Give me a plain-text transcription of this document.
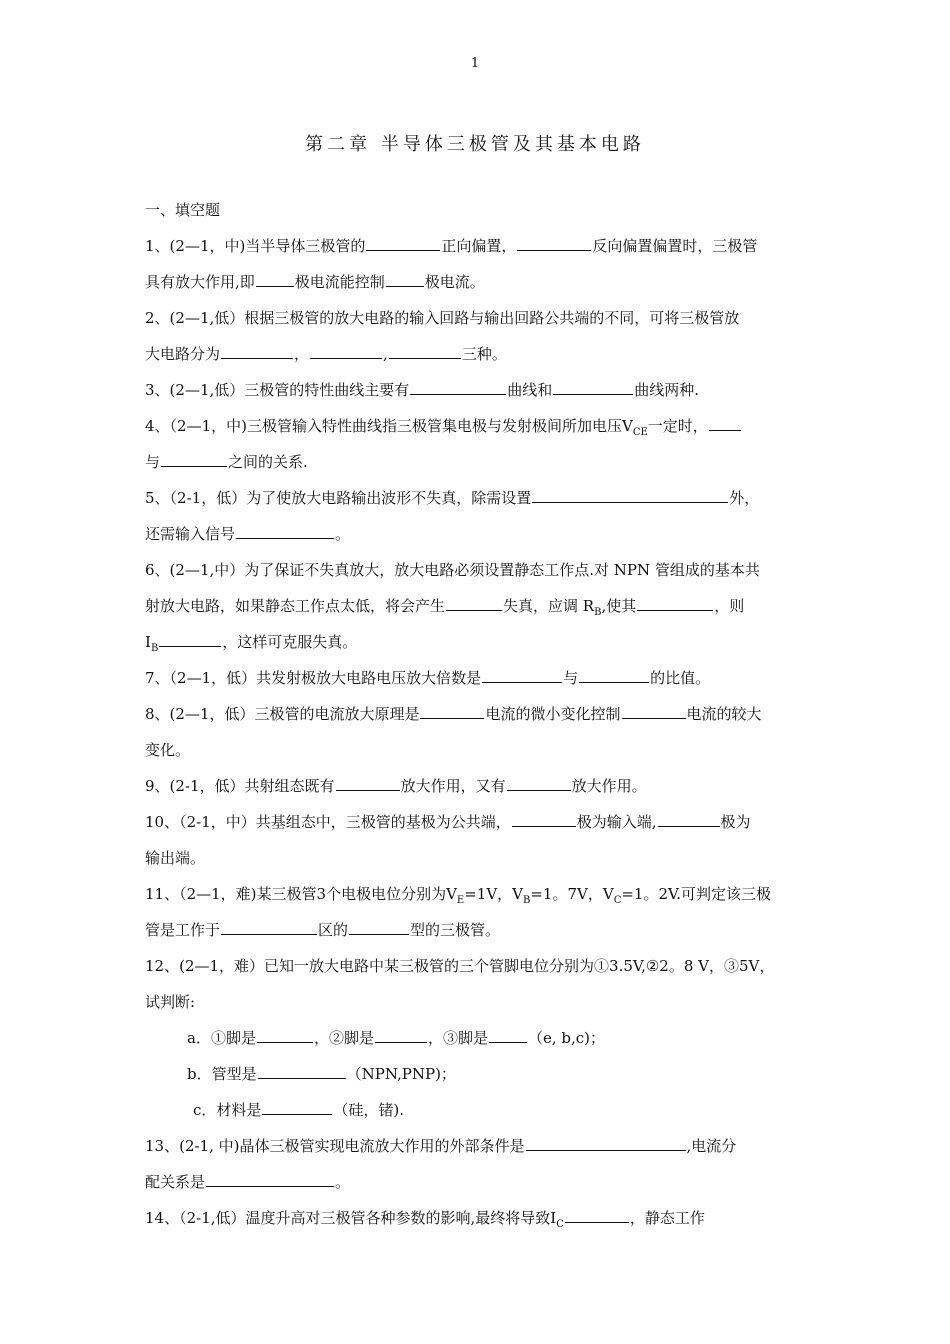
1
第二章 半导体三极管及其基本电路
一、填空题
1、(2—1，中)当半导体三极管的	正向偏置，	反向偏置偏置时，三极管
具有放大作用,即	极电流能控制	极电流。
2、(2—1,低）根据三极管的放大电路的输入回路与输出回路公共端的不同，可将三极管放
大电路分为	，	,	三种。
3、(2—1,低）三极管的特性曲线主要有	曲线和	曲线两种.
4、（2—1，中)三极管输入特性曲线指三极管集电极与发射极间所加电压$V_{CE}$一定时，
与	之间的关系.
5、（2-1，低）为了使放大电路输出波形不失真，除需设置	外，
还需输入信号	。
6、(2—1,中）为了保证不失真放大，放大电路必须设置静态工作点.对 NPN 管组成的基本共
射放大电路，如果静态工作点太低，将会产生	失真，应调 $R_B$,使其	，则
$I_B$	，这样可克服失真。
7、（2—1，低）共发射极放大电路电压放大倍数是	与	的比值。
8、(2—1，低）三极管的电流放大原理是	电流的微小变化控制	电流的较大
变化。
9、(2-1，低）共射组态既有	放大作用，又有	放大作用。
10、（2-1，中）共基组态中，三极管的基极为公共端，	极为输入端,	极为
输出端。
11、（2—1，难)某三极管3个电极电位分别为$V_E=1V$，$V_B=1$。7V，$V_C=1$。2V.可判定该三极
管是工作于	区的	型的三极管。
12、(2—1，难）已知一放大电路中某三极管的三个管脚电位分别为①3.5V,②2。8 V，③5V，
试判断:
a．①脚是	，②脚是	，③脚是	（e, b,c)；
b．管型是	（NPN,PNP)；
c．材料是	（硅，锗).
13、(2-1, 中)晶体三极管实现电流放大作用的外部条件是	,电流分
配关系是	。
14、（2-1,低）温度升高对三极管各种参数的影响,最终将导致$I_C$	，静态工作
